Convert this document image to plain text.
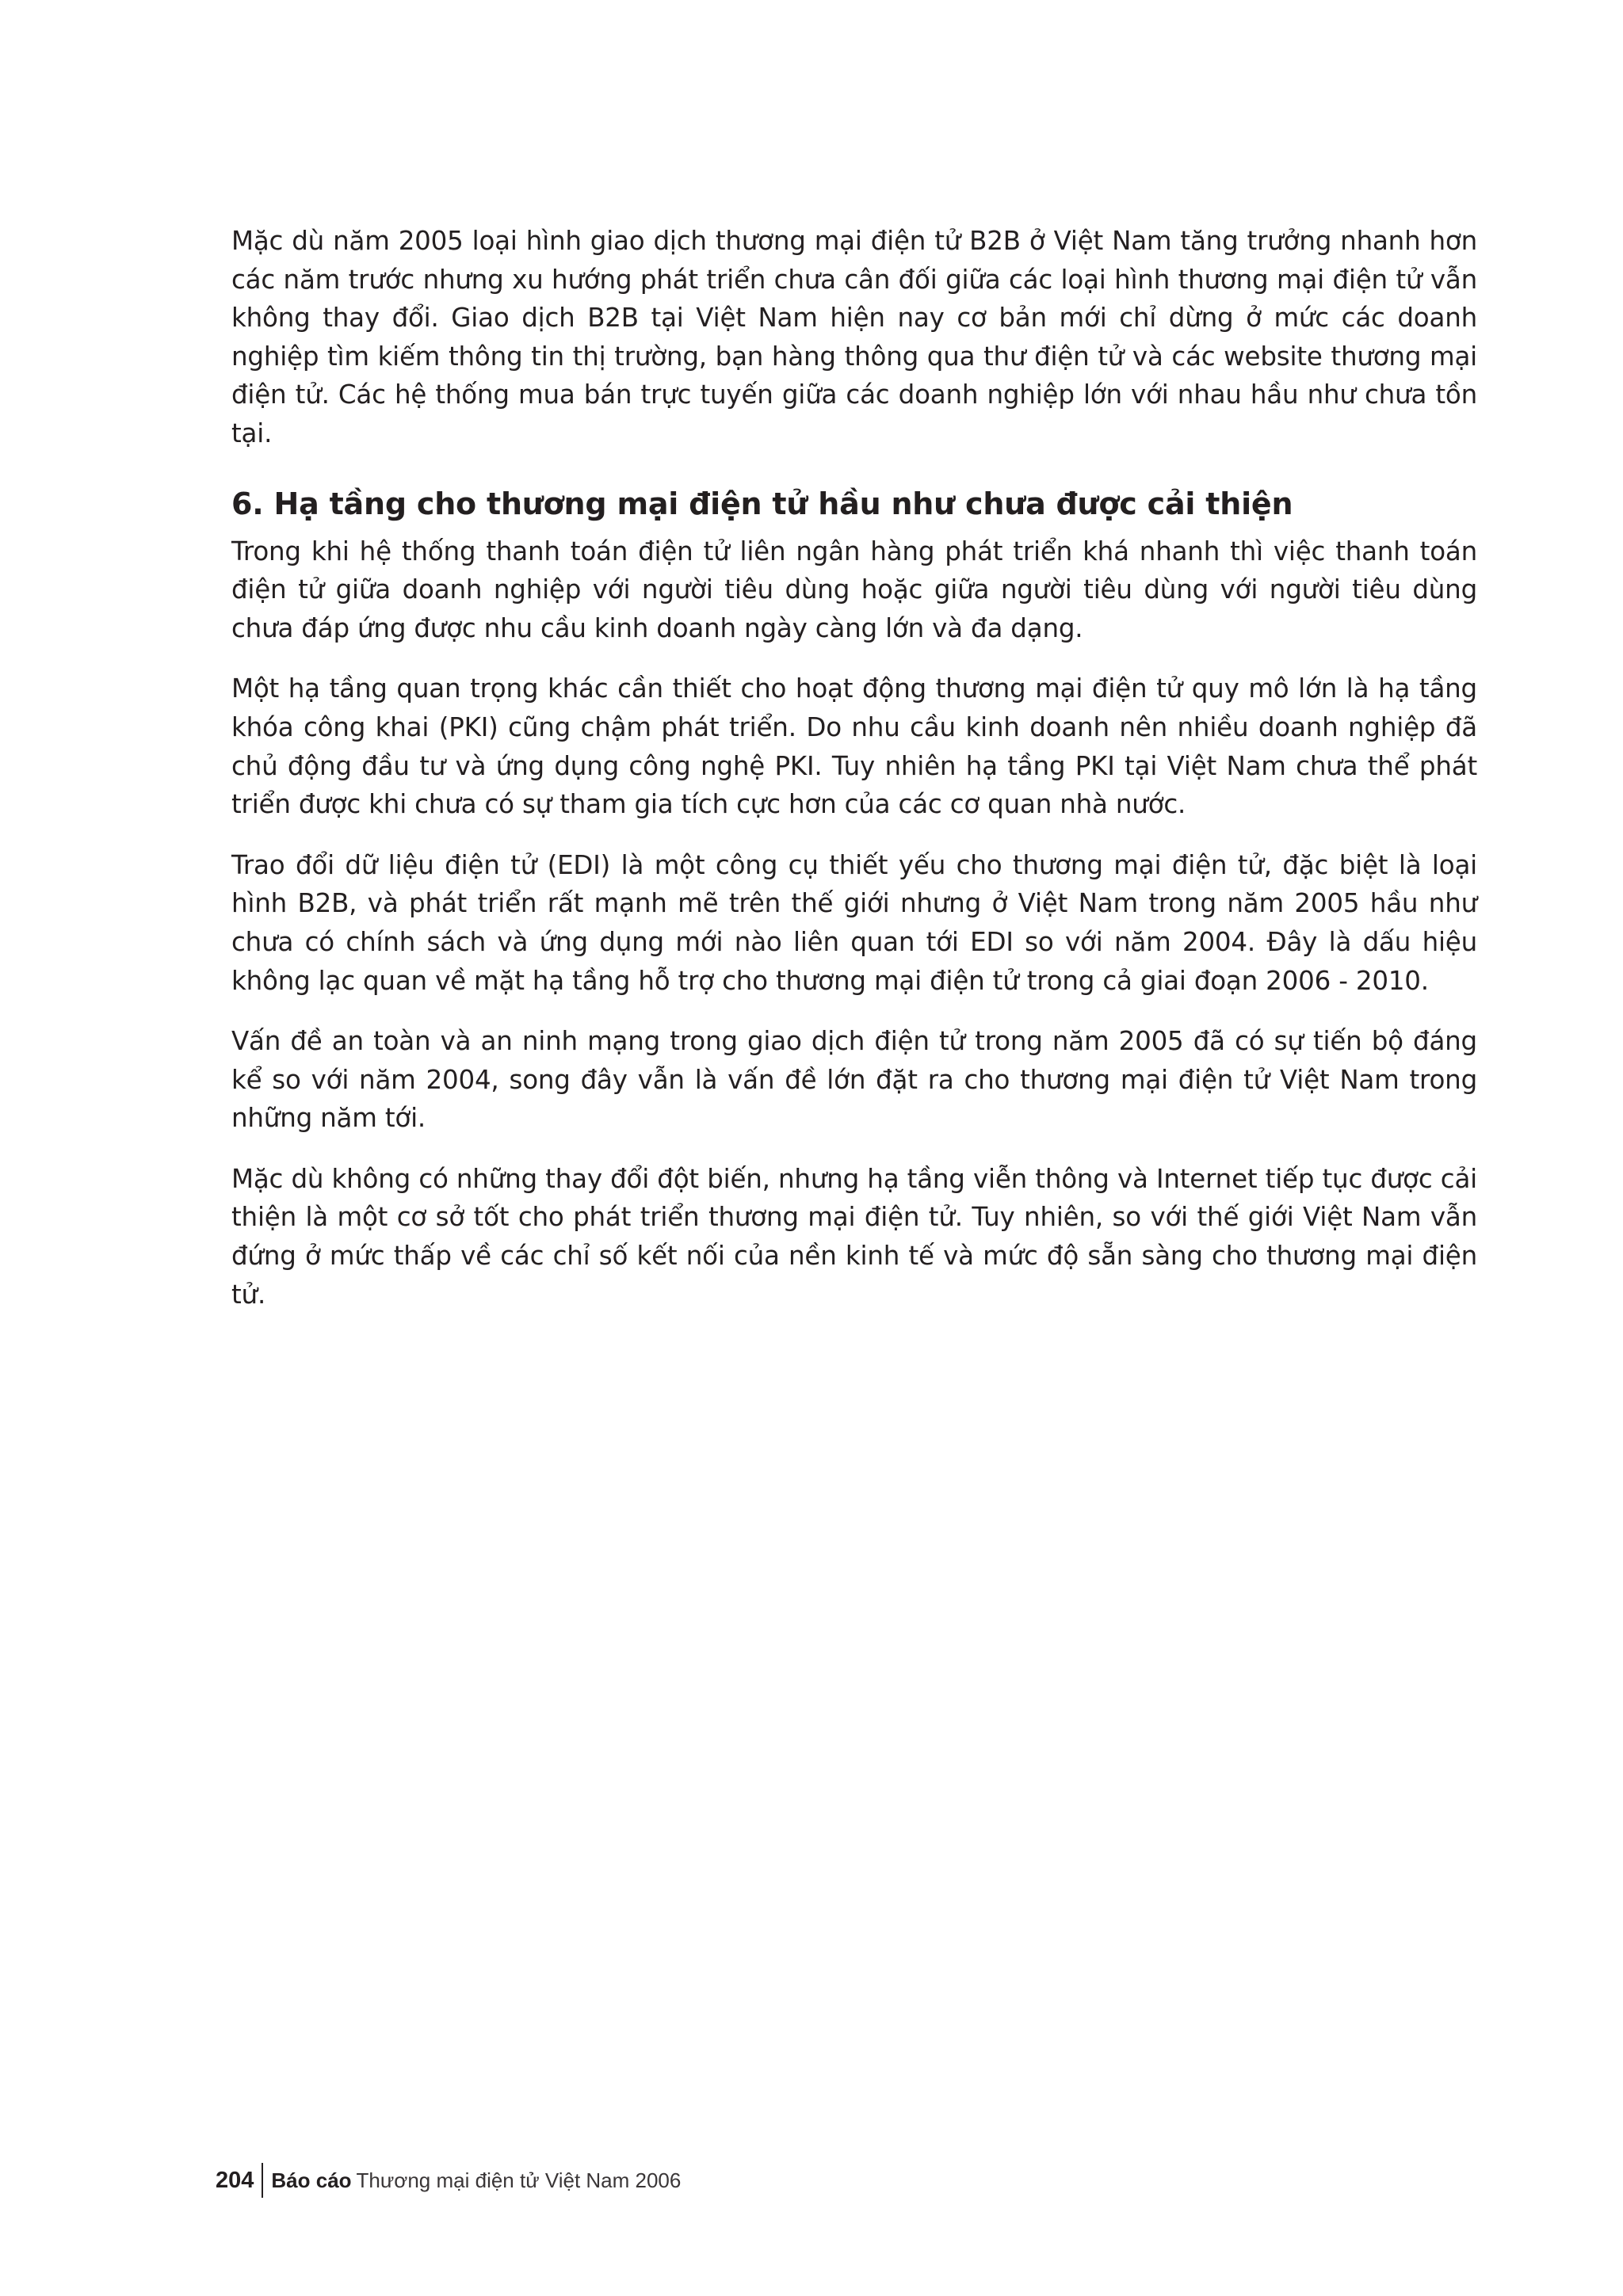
Mặc dù năm 2005 loại hình giao dịch thương mại điện tử B2B ở Việt Nam tăng trưởng nhanh hơn các năm trước nhưng xu hướng phát triển chưa cân đối giữa các loại hình thương mại điện tử vẫn không thay đổi. Giao dịch B2B tại Việt Nam hiện nay cơ bản mới chỉ dừng ở mức các doanh nghiệp tìm kiếm thông tin thị trường, bạn hàng thông qua thư điện tử và các website thương mại điện tử. Các hệ thống mua bán trực tuyến giữa các doanh nghiệp lớn với nhau hầu như chưa tồn tại.

6. Hạ tầng cho thương mại điện tử hầu như chưa được cải thiện

Trong khi hệ thống thanh toán điện tử liên ngân hàng phát triển khá nhanh thì việc thanh toán điện tử giữa doanh nghiệp với người tiêu dùng hoặc giữa người tiêu dùng với người tiêu dùng chưa đáp ứng được nhu cầu kinh doanh ngày càng lớn và đa dạng.

Một hạ tầng quan trọng khác cần thiết cho hoạt động thương mại điện tử quy mô lớn là hạ tầng khóa công khai (PKI) cũng chậm phát triển. Do nhu cầu kinh doanh nên nhiều doanh nghiệp đã chủ động đầu tư và ứng dụng công nghệ PKI. Tuy nhiên hạ tầng PKI tại Việt Nam chưa thể phát triển được khi chưa có sự tham gia tích cực hơn của các cơ quan nhà nước.

Trao đổi dữ liệu điện tử (EDI) là một công cụ thiết yếu cho thương mại điện tử, đặc biệt là loại hình B2B, và phát triển rất mạnh mẽ trên thế giới nhưng ở Việt Nam trong năm 2005 hầu như chưa có chính sách và ứng dụng mới nào liên quan tới EDI so với năm 2004. Đây là dấu hiệu không lạc quan về mặt hạ tầng hỗ trợ cho thương mại điện tử trong cả giai đoạn 2006 - 2010.

Vấn đề an toàn và an ninh mạng trong giao dịch điện tử trong năm 2005 đã có sự tiến bộ đáng kể so với năm 2004, song đây vẫn là vấn đề lớn đặt ra cho thương mại điện tử Việt Nam trong những năm tới.

Mặc dù không có những thay đổi đột biến, nhưng hạ tầng viễn thông và Internet tiếp tục được cải thiện là một cơ sở tốt cho phát triển thương mại điện tử. Tuy nhiên, so với thế giới Việt Nam vẫn đứng ở mức thấp về các chỉ số kết nối của nền kinh tế và mức độ sẵn sàng cho thương mại điện tử.

204 Báo cáo Thương mại điện tử Việt Nam 2006
